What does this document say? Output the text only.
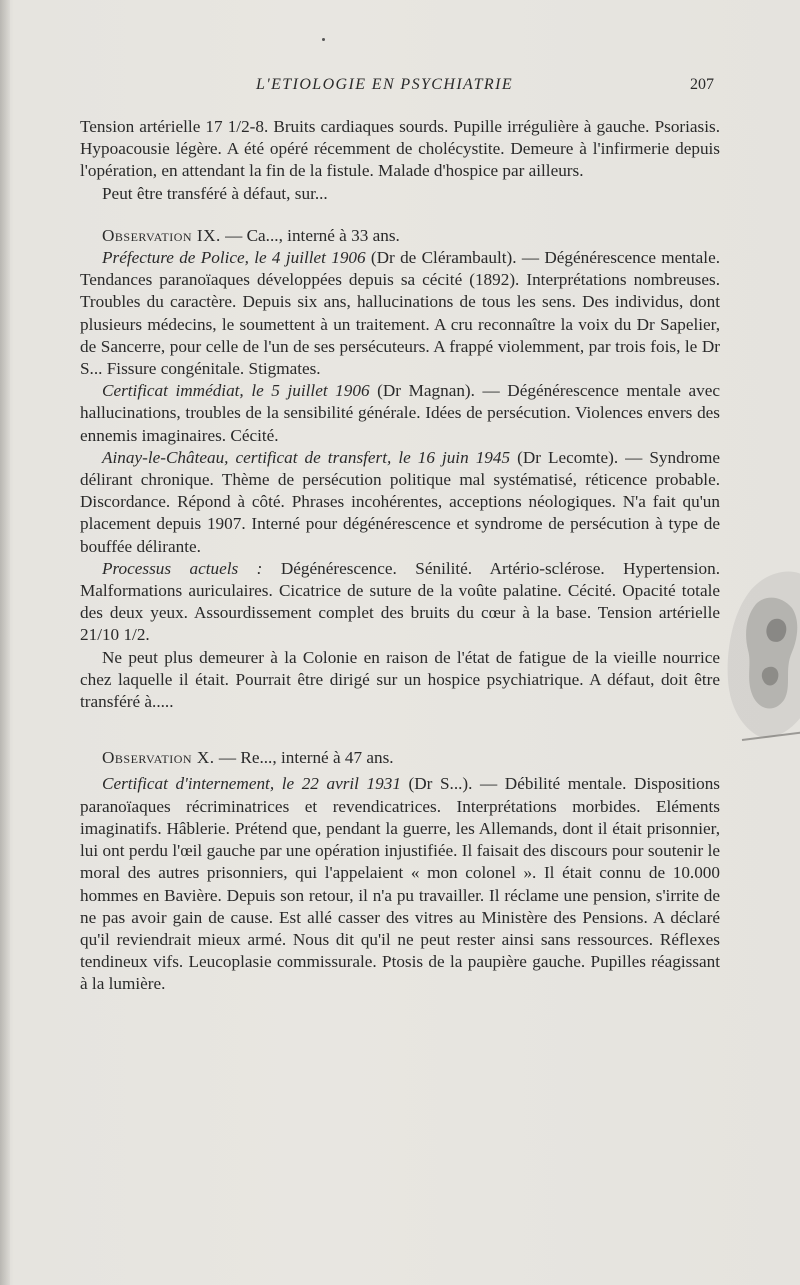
L'ETIOLOGIE EN PSYCHIATRIE	207

Tension artérielle 17 1/2-8. Bruits cardiaques sourds. Pupille irrégulière à gauche. Psoriasis. Hypoacousie légère. A été opéré récemment de cholécystite. Demeure à l'infirmerie depuis l'opération, en attendant la fin de la fistule. Malade d'hospice par ailleurs.

Peut être transféré à défaut, sur...

Observation IX. — Ca..., interné à 33 ans.

Préfecture de Police, le 4 juillet 1906 (Dr de Clérambault). — Dégénérescence mentale. Tendances paranoïaques développées depuis sa cécité (1892). Interprétations nombreuses. Troubles du caractère. Depuis six ans, hallucinations de tous les sens. Des individus, dont plusieurs médecins, le soumettent à un traitement. A cru reconnaître la voix du Dr Sapelier, de Sancerre, pour celle de l'un de ses persécuteurs. A frappé violemment, par trois fois, le Dr S... Fissure congénitale. Stigmates.

Certificat immédiat, le 5 juillet 1906 (Dr Magnan). — Dégénérescence mentale avec hallucinations, troubles de la sensibilité générale. Idées de persécution. Violences envers des ennemis imaginaires. Cécité.

Ainay-le-Château, certificat de transfert, le 16 juin 1945 (Dr Lecomte). — Syndrome délirant chronique. Thème de persécution politique mal systématisé, réticence probable. Discordance. Répond à côté. Phrases incohérentes, acceptions néologiques. N'a fait qu'un placement depuis 1907. Interné pour dégénérescence et syndrome de persécution à type de bouffée délirante.

Processus actuels : Dégénérescence. Sénilité. Artério-sclérose. Hypertension. Malformations auriculaires. Cicatrice de suture de la voûte palatine. Cécité. Opacité totale des deux yeux. Assourdissement complet des bruits du cœur à la base. Tension artérielle 21/10 1/2.

Ne peut plus demeurer à la Colonie en raison de l'état de fatigue de la vieille nourrice chez laquelle il était. Pourrait être dirigé sur un hospice psychiatrique. A défaut, doit être transféré à.....

Observation X. — Re..., interné à 47 ans.

Certificat d'internement, le 22 avril 1931 (Dr S...). — Débilité mentale. Dispositions paranoïaques récriminatrices et revendicatrices. Interprétations morbides. Eléments imaginatifs. Hâblerie. Prétend que, pendant la guerre, les Allemands, dont il était prisonnier, lui ont perdu l'œil gauche par une opération injustifiée. Il faisait des discours pour soutenir le moral des autres prisonniers, qui l'appelaient « mon colonel ». Il était connu de 10.000 hommes en Bavière. Depuis son retour, il n'a pu travailler. Il réclame une pension, s'irrite de ne pas avoir gain de cause. Est allé casser des vitres au Ministère des Pensions. A déclaré qu'il reviendrait mieux armé. Nous dit qu'il ne peut rester ainsi sans ressources. Réflexes tendineux vifs. Leucoplasie commissurale. Ptosis de la paupière gauche. Pupilles réagissant à la lumière.
